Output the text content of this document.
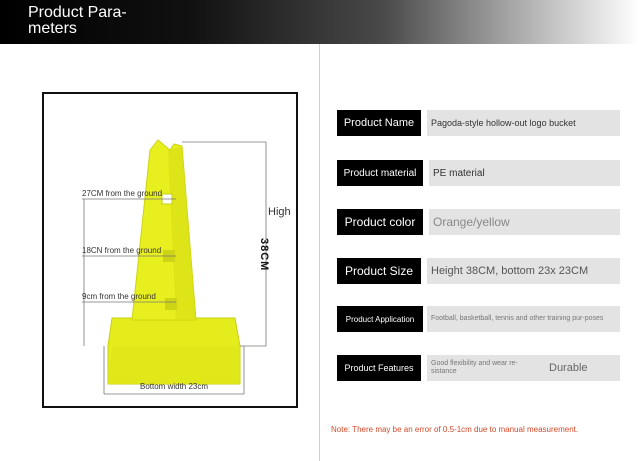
Product Para-
meters
27CM from the ground
18CN from the ground
9cm from the ground
High
38CM
Bottom width 23cm
Product Name	Pagoda-style hollow-out logo bucket
Product material	PE material
Product color	Orange/yellow
Product Size	Height 38CM, bottom 23x 23CM
Product Application	Football, basketball, tennis and other training pur-poses
Product Features	Good flexibility and wear re-sistance	Durable
Note: There may be an error of 0.5-1cm due to manual measurement.
